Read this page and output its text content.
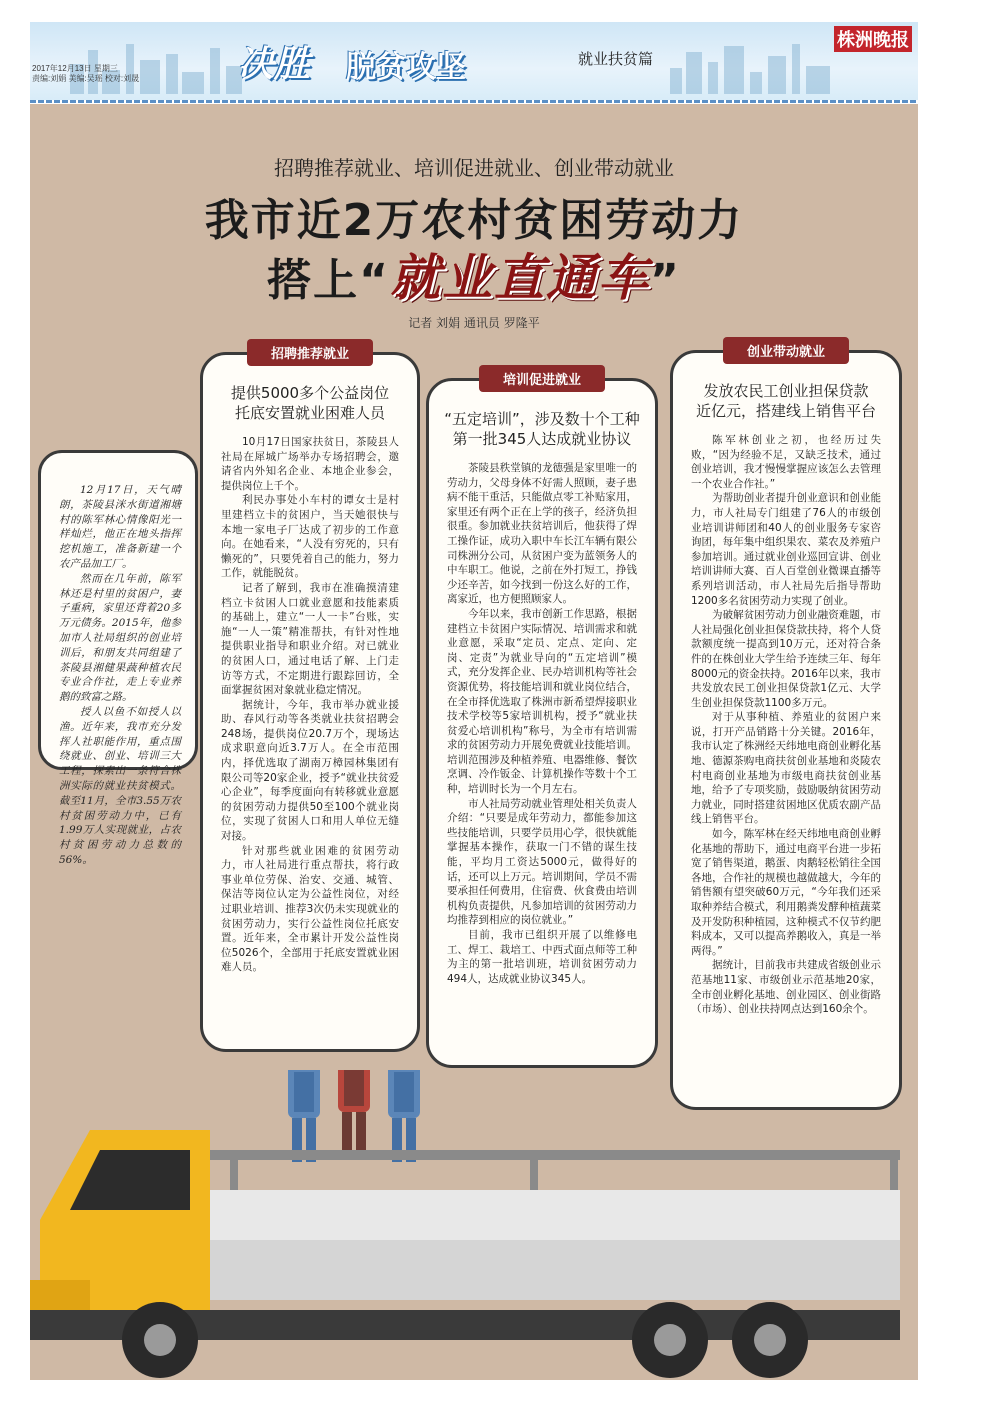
2017年12月13日 星期三
责编:刘娟 美编:吴瑶 校对:刘晟	决胜 脱贫攻坚	就业扶贫篇
株洲晚报
招聘推荐就业、培训促进就业、创业带动就业
我市近2万农村贫困劳动力
搭上“就业直通车”
记者 刘娟 通讯员 罗隆平

12月17日，天气晴朗，茶陵县洣水街道湘塘村的陈军林心情像阳光一样灿烂，他正在地头指挥挖机施工，准备新建一个农产品加工厂。

然而在几年前，陈军林还是村里的贫困户，妻子重病，家里还背着20多万元债务。2015年，他参加市人社局组织的创业培训后，和朋友共同组建了茶陵县湘健果蔬种植农民专业合作社，走上专业养鹅的致富之路。

授人以鱼不如授人以渔。近年来，我市充分发挥人社职能作用，重点围绕就业、创业、培训三大工程，探索出一条符合株洲实际的就业扶贫模式。截至11月，全市3.55万农村贫困劳动力中，已有1.99万人实现就业，占农村贫困劳动力总数的56%。

招聘推荐就业
提供5000多个公益岗位
托底安置就业困难人员

10月17日国家扶贫日，茶陵县人社局在犀城广场举办专场招聘会，邀请省内外知名企业、本地企业参会，提供岗位上千个。

利民办事处小车村的谭女士是村里建档立卡的贫困户，当天她很快与本地一家电子厂达成了初步的工作意向。在她看来，“人没有穷死的，只有懒死的”，只要凭着自己的能力，努力工作，就能脱贫。

记者了解到，我市在准确摸清建档立卡贫困人口就业意愿和技能素质的基础上，建立“一人一卡”台账，实施“一人一策”精准帮扶，有针对性地提供职业指导和职业介绍。对已就业的贫困人口，通过电话了解、上门走访等方式，不定期进行跟踪回访，全面掌握贫困对象就业稳定情况。

据统计，今年，我市举办就业援助、春风行动等各类就业扶贫招聘会248场，提供岗位20.7万个，现场达成求职意向近3.7万人。在全市范围内，择优选取了湖南万樟园林集团有限公司等20家企业，授予“就业扶贫爱心企业”，每季度面向有转移就业意愿的贫困劳动力提供50至100个就业岗位，实现了贫困人口和用人单位无缝对接。

针对那些就业困难的贫困劳动力，市人社局进行重点帮扶，将行政事业单位劳保、治安、交通、城管、保洁等岗位认定为公益性岗位，对经过职业培训、推荐3次仍未实现就业的贫困劳动力，实行公益性岗位托底安置。近年来，全市累计开发公益性岗位5026个，全部用于托底安置就业困难人员。

培训促进就业
“五定培训”，涉及数十个工种
第一批345人达成就业协议

茶陵县秩堂镇的龙德强是家里唯一的劳动力，父母身体不好需人照顾，妻子患病不能干重活，只能做点零工补贴家用，家里还有两个正在上学的孩子，经济负担很重。参加就业扶贫培训后，他获得了焊工操作证，成功入职中车长江车辆有限公司株洲分公司，从贫困户变为蓝领务人的中车职工。他说，之前在外打短工，挣钱少还辛苦，如今找到一份这么好的工作，离家近，也方便照顾家人。

今年以来，我市创新工作思路，根据建档立卡贫困户实际情况、培训需求和就业意愿，采取“定员、定点、定向、定岗、定责”为就业导向的“五定培训”模式，充分发挥企业、民办培训机构等社会资源优势，将技能培训和就业岗位结合，在全市择优选取了株洲市新希望焊接职业技术学校等5家培训机构，授予“就业扶贫爱心培训机构”称号，为全市有培训需求的贫困劳动力开展免费就业技能培训。培训范围涉及种植养殖、电器维修、餐饮烹调、冷作钣金、计算机操作等数十个工种，培训时长为一个月左右。

市人社局劳动就业管理处相关负责人介绍：“只要是成年劳动力，都能参加这些技能培训，只要学员用心学，很快就能掌握基本操作，获取一门不错的谋生技能，平均月工资达5000元，做得好的话，还可以上万元。培训期间，学员不需要承担任何费用，住宿费、伙食费由培训机构负责提供，凡参加培训的贫困劳动力均推荐到相应的岗位就业。”

目前，我市已组织开展了以维修电工、焊工、栽培工、中西式面点师等工种为主的第一批培训班，培训贫困劳动力494人，达成就业协议345人。

创业带动就业
发放农民工创业担保贷款
近亿元，搭建线上销售平台

陈军林创业之初，也经历过失败，“因为经验不足，又缺乏技术，通过创业培训，我才慢慢掌握应该怎么去管理一个农业合作社。”

为帮助创业者提升创业意识和创业能力，市人社局专门组建了76人的市级创业培训讲师团和40人的创业服务专家咨询团，每年集中组织果农、菜农及养殖户参加培训。通过就业创业巡回宣讲、创业培训讲师大赛、百人百堂创业微课直播等系列培训活动，市人社局先后指导帮助1200多名贫困劳动力实现了创业。

为破解贫困劳动力创业融资难题，市人社局强化创业担保贷款扶持，将个人贷款额度统一提高到10万元，还对符合条件的在株创业大学生给予连续三年、每年8000元的资金扶持。2016年以来，我市共发放农民工创业担保贷款1亿元、大学生创业担保贷款1100多万元。

对于从事种植、养殖业的贫困户来说，打开产品销路十分关键。2016年，我市认定了株洲经天纬地电商创业孵化基地、德源茶购电商扶贫创业基地和炎陵农村电商创业基地为市级电商扶贫创业基地，给予了专项奖励，鼓励吸纳贫困劳动力就业，同时搭建贫困地区优质农副产品线上销售平台。

如今，陈军林在经天纬地电商创业孵化基地的帮助下，通过电商平台进一步拓宽了销售渠道，鹅蛋、肉鹅轻松销往全国各地，合作社的规模也越做越大，今年的销售额有望突破60万元，“今年我们还采取种养结合模式，利用鹅粪发酵种植蔬菜及开发防积种植园，这种模式不仅节约肥料成本，又可以提高养鹅收入，真是一举两得。”

据统计，目前我市共建成省级创业示范基地11家、市级创业示范基地20家，全市创业孵化基地、创业园区、创业街路（市场）、创业扶持网点达到160余个。
